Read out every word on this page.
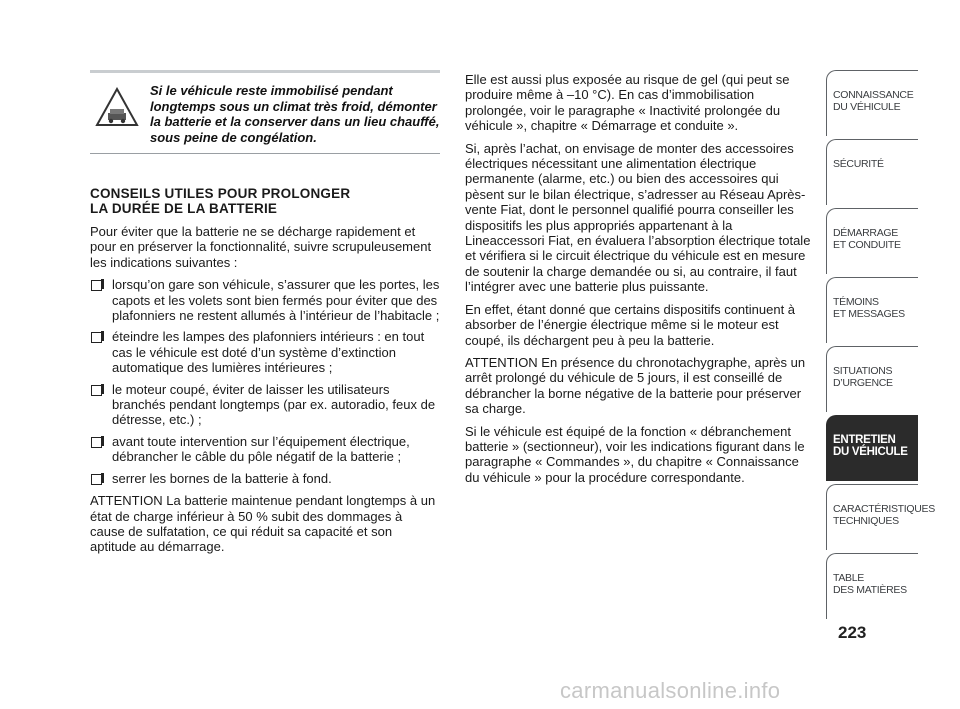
Si le véhicule reste immobilisé pendant longtemps sous un climat très froid, démonter la batterie et la conserver dans un lieu chauffé, sous peine de congélation.

CONSEILS UTILES POUR PROLONGER
LA DURÉE DE LA BATTERIE

Pour éviter que la batterie ne se décharge rapidement et pour en préserver la fonctionnalité, suivre scrupuleusement les indications suivantes :

lorsqu’on gare son véhicule, s’assurer que les portes, les capots et les volets sont bien fermés pour éviter que des plafonniers ne restent allumés à l’intérieur de l’habitacle ;
éteindre les lampes des plafonniers intérieurs : en tout cas le véhicule est doté d’un système d’extinction automatique des lumières intérieures ;
le moteur coupé, éviter de laisser les utilisateurs branchés pendant longtemps (par ex. autoradio, feux de détresse, etc.) ;
avant toute intervention sur l’équipement électrique, débrancher le câble du pôle négatif de la batterie ;
serrer les bornes de la batterie à fond.

ATTENTION La batterie maintenue pendant longtemps à un état de charge inférieur à 50 % subit des dommages à cause de sulfatation, ce qui réduit sa capacité et son aptitude au démarrage.

Elle est aussi plus exposée au risque de gel (qui peut se produire même à –10 °C). En cas d’immobilisation prolongée, voir le paragraphe « Inactivité prolongée du véhicule », chapitre « Démarrage et conduite ».

Si, après l’achat, on envisage de monter des accessoires électriques nécessitant une alimentation électrique permanente (alarme, etc.) ou bien des accessoires qui pèsent sur le bilan électrique, s’adresser au Réseau Après-vente Fiat, dont le personnel qualifié pourra conseiller les dispositifs les plus appropriés appartenant à la Lineaccessori Fiat, en évaluera l’absorption électrique totale et vérifiera si le circuit électrique du véhicule est en mesure de soutenir la charge demandée ou si, au contraire, il faut l’intégrer avec une batterie plus puissante.

En effet, étant donné que certains dispositifs continuent à absorber de l’énergie électrique même si le moteur est coupé, ils déchargent peu à peu la batterie.

ATTENTION En présence du chronotachygraphe, après un arrêt prolongé du véhicule de 5 jours, il est conseillé de débrancher la borne négative de la batterie pour préserver sa charge.

Si le véhicule est équipé de la fonction « débranchement batterie » (sectionneur), voir les indications figurant dans le paragraphe « Commandes », du chapitre « Connaissance du véhicule » pour la procédure correspondante.

CONNAISSANCE
DU VÉHICULE
SÉCURITÉ

DÉMARRAGE
ET CONDUITE
TÉMOINS
ET MESSAGES
SITUATIONS
D’URGENCE
ENTRETIEN
DU VÉHICULE
CARACTÉRISTIQUES
TECHNIQUES
TABLE
DES MATIÈRES
223
carmanualsonline.info
